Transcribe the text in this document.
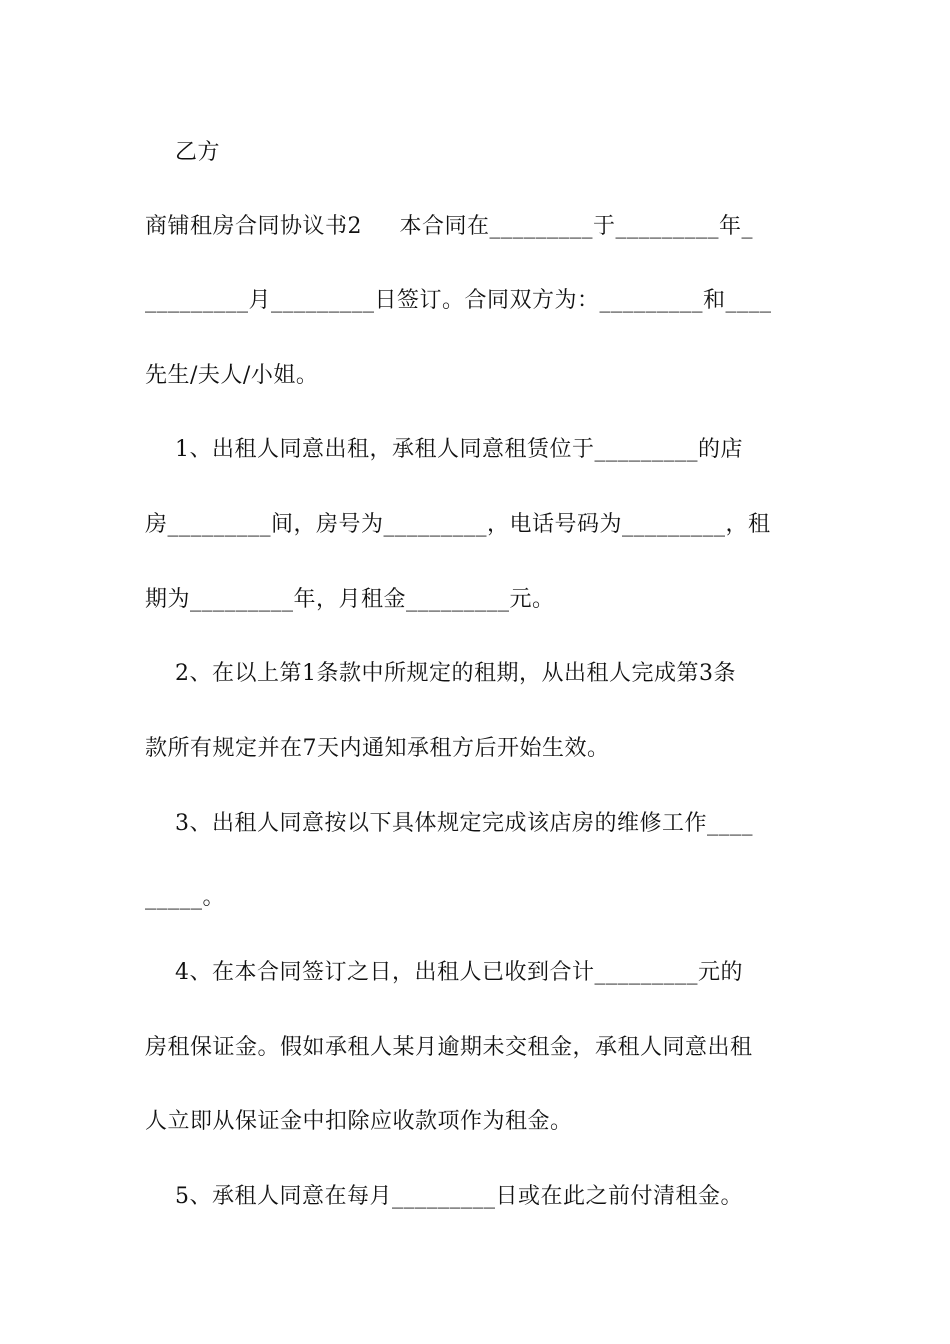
乙方
商铺租房合同协议书2     本合同在_________于_________年_
_________月_________日签订。合同双方为：_________和____
先生/夫人/小姐。
1、出租人同意出租，承租人同意租赁位于_________的店
房_________间，房号为_________，电话号码为_________，租
期为_________年，月租金_________元。
2、在以上第1条款中所规定的租期，从出租人完成第3条
款所有规定并在7天内通知承租方后开始生效。
3、出租人同意按以下具体规定完成该店房的维修工作____
_____。
4、在本合同签订之日，出租人已收到合计_________元的
房租保证金。假如承租人某月逾期未交租金，承租人同意出租
人立即从保证金中扣除应收款项作为租金。
5、承租人同意在每月_________日或在此之前付清租金。
